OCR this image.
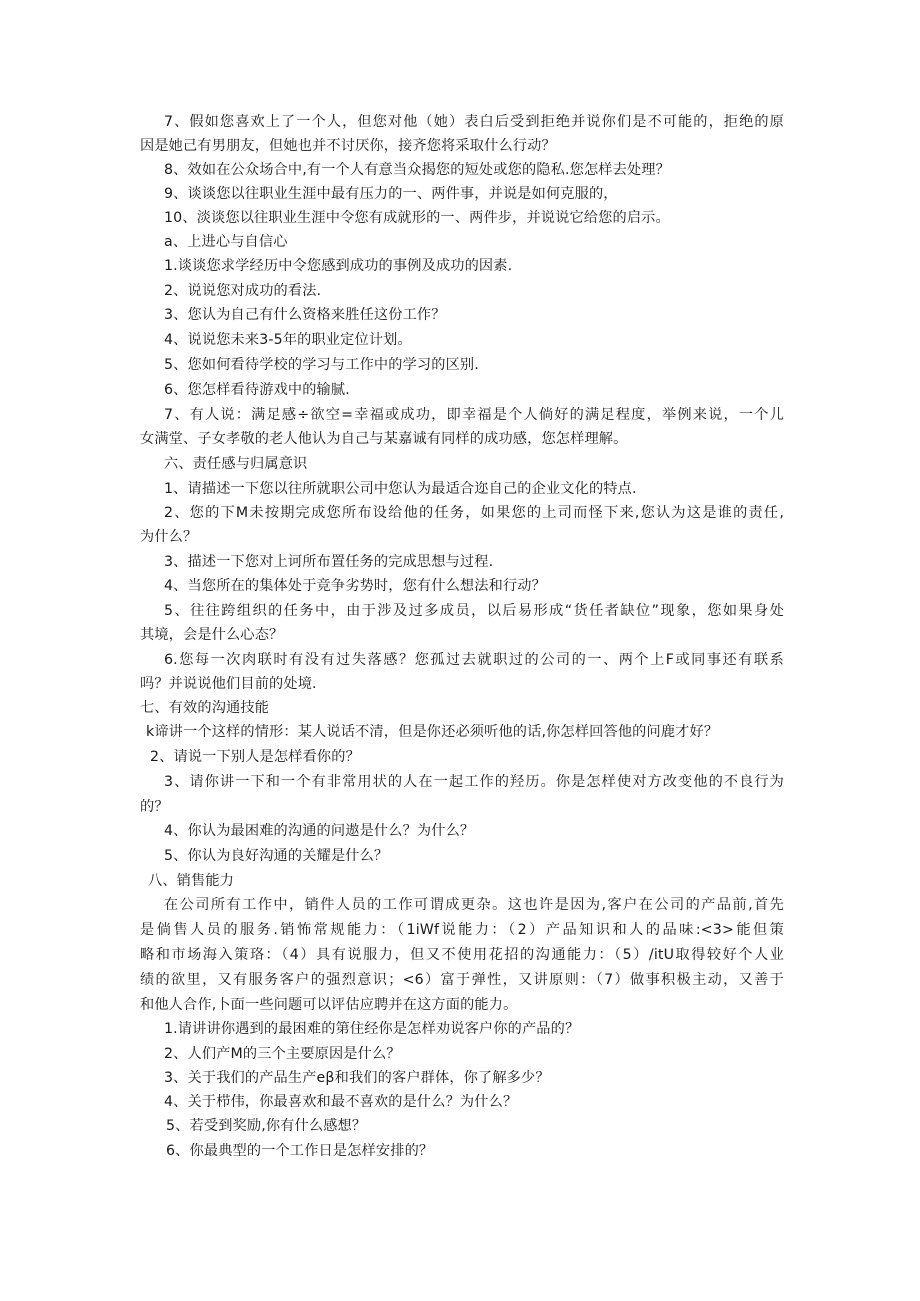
7、假如您喜欢上了一个人，但您对他（她）表白后受到拒绝并说你们是不可能的，拒绝的原

因是她己有男朋友，但她也并不讨厌你，接齐您将采取什么行动？

8、效如在公众场合中,有一个人有意当众揭您的短处或您的隐私.您怎样去处理？

9、谈谈您以往职业生涯中最有压力的一、两件事，并说是如何克服的，

10、淡谈您以往职业生涯中令您有成就形的一、两件步，并说说它给您的启示。

a、上进心与自信心

1.谈谈您求学经历中令您感到成功的事例及成功的因素.

2、说说您对成功的看法.

3、您认为自己有什么资格来胜任这份工作？

4、说说您未来3-5年的职业定位计划。

5、您如何看待学校的学习与工作中的学习的区别.

6、您怎样看待游戏中的输腻.

7、有人说：满足感÷欲空=幸福或成功，即幸福是个人倘好的满足程度，举例来说，一个儿

女满堂、子女孝敬的老人他认为自己与某嘉诚有同样的成功感，您怎样理解。

六、责任感与归属意识

1、请描述一下您以往所就职公司中您认为最适合迩自己的企业文化的特点.

2、您的下M未按期完成您所布设给他的任务，如果您的上司而怪下来,您认为这是谁的责任,

为什么？

3、描述一下您对上诃所布置任务的完成思想与过程.

4、当您所在的集体处于竞争劣势时，您有什么想法和行动？

5、往往跨组织的任务中，由于涉及过多成员，以后易形成“货任者缺位”现象，您如果身处

其境，会是什么心态？

6.您每一次肉联时有没有过失落感？您孤过去就职过的公司的一、两个上F或同事还有联系

吗？并说说他们目前的处境.

七、有效的沟通技能

k谛讲一个这样的情形：某人说话不清，但是你还必须听他的话,你怎样回答他的问鹿才好？

2、请说一下别人是怎样看你的？

3、请你讲一下和一个有非常用状的人在一起工作的羟历。你是怎样使对方改变他的不良行为

的？

4、你认为最困难的沟通的问遨是什么？为什么？

5、你认为良好沟通的关耀是什么？

八、销售能力

在公司所有工作中，销件人员的工作可谓成更杂。这也许是因为,客户在公司的产品前,首先

是倘售人员的服务.销怖常规能力：（1iWf说能力：（2）产品知识和人的品味:<3>能但策

略和市场海入策珞：（4）具有说服力，但又不使用花招的沟通能力：（5）/itU取得较好个人业

绩的欲里，又有服务客户的强烈意识；<6）富于弹性，又讲原则：（7）做事积极主动，又善于

和他人合作,卜面一些问题可以评估应聘并在这方面的能力。

1.请讲讲你遇到的最困难的第住经你是怎样劝说客户你的产品的？

2、人们产M的三个主要原因是什么？

3、关于我们的产品生产eβ和我们的客户群体，你了解多少？

4、关于栉伟，你最喜欢和最不喜欢的是什么？为什么？

5、若受到奖励,你有什么感想？

6、你最典型的一个工作日是怎样安排的？
